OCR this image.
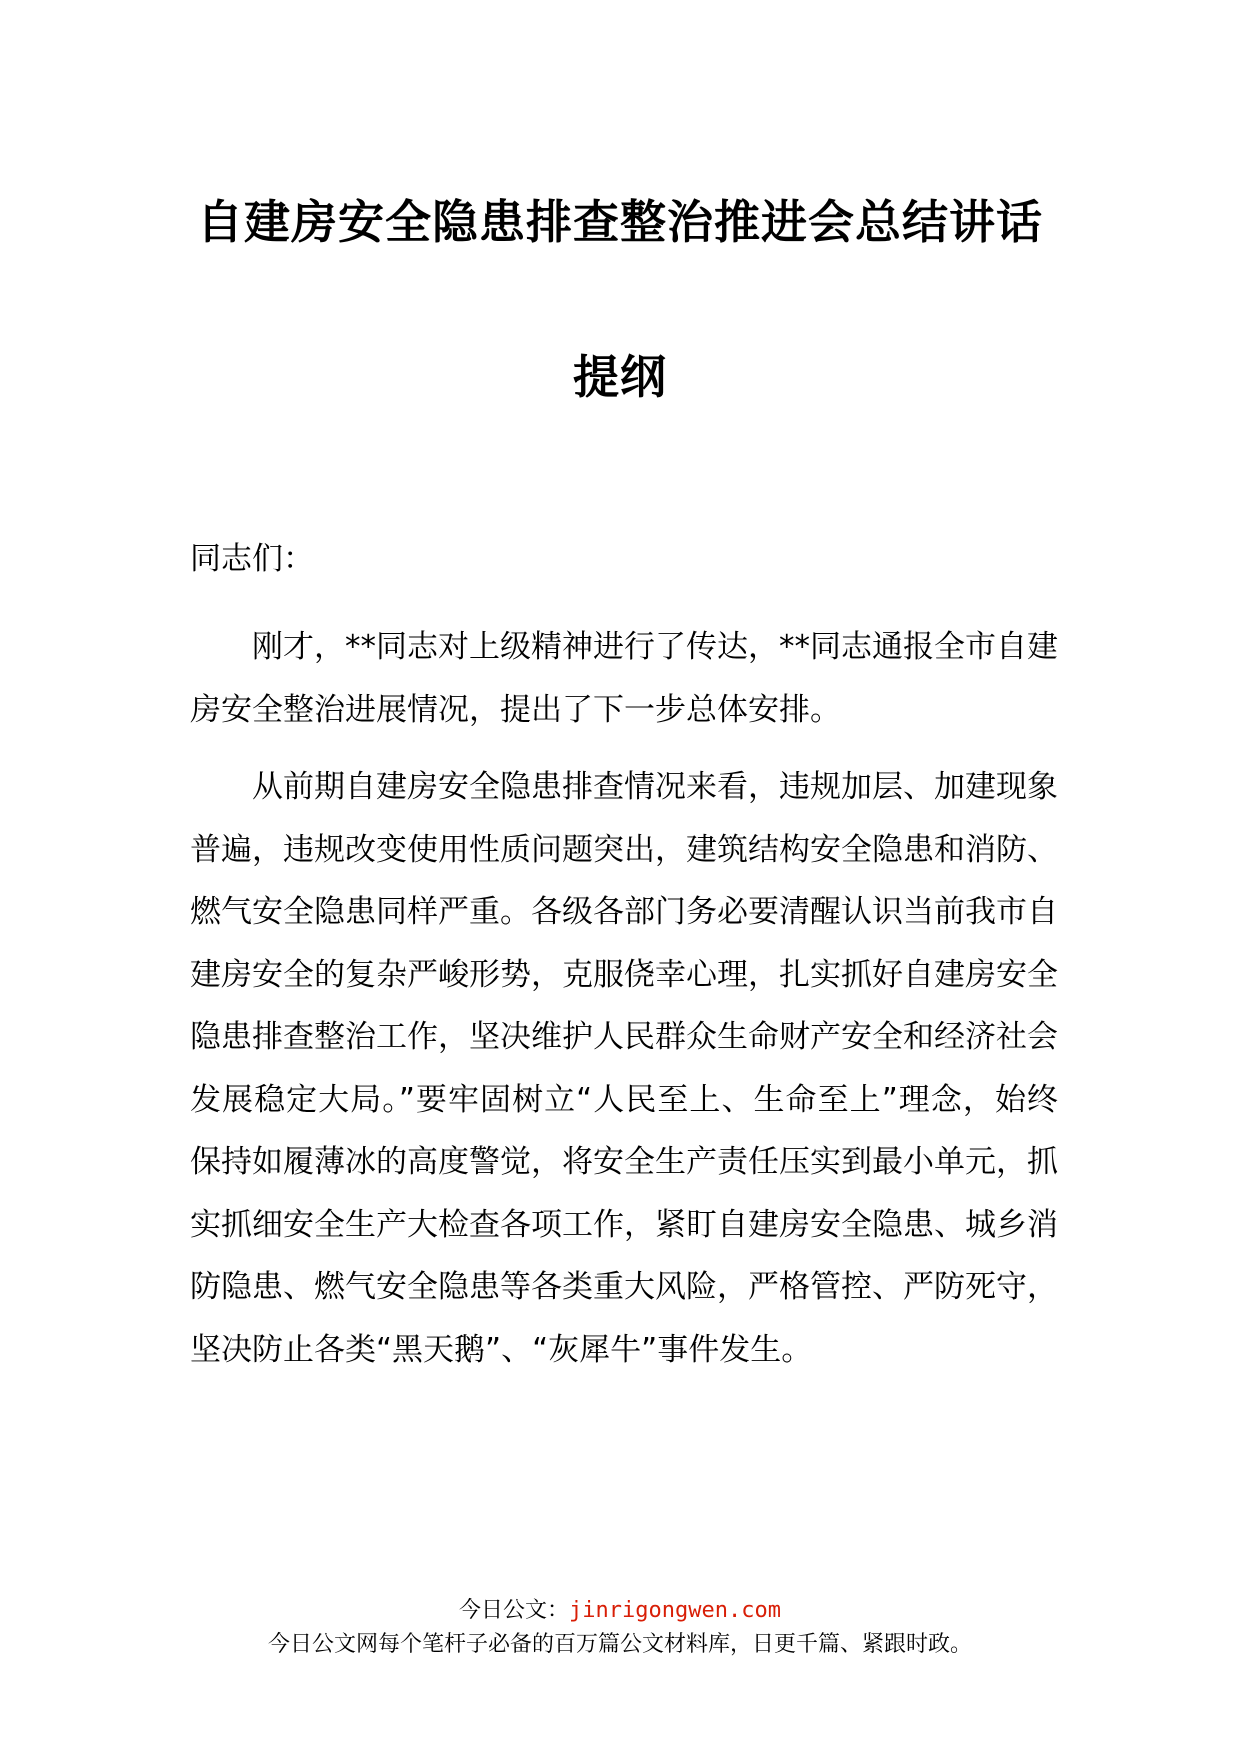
自建房安全隐患排查整治推进会总结讲话
提纲
同志们：
刚才，**同志对上级精神进行了传达，**同志通报全市自建房安全整治进展情况，提出了下一步总体安排。
从前期自建房安全隐患排查情况来看，违规加层、加建现象普遍，违规改变使用性质问题突出，建筑结构安全隐患和消防、燃气安全隐患同样严重。各级各部门务必要清醒认识当前我市自建房安全的复杂严峻形势，克服侥幸心理，扎实抓好自建房安全隐患排查整治工作，坚决维护人民群众生命财产安全和经济社会发展稳定大局。”要牢固树立“人民至上、生命至上”理念，始终保持如履薄冰的高度警觉，将安全生产责任压实到最小单元，抓实抓细安全生产大检查各项工作，紧盯自建房安全隐患、城乡消防隐患、燃气安全隐患等各类重大风险，严格管控、严防死守，坚决防止各类“黑天鹅”、“灰犀牛”事件发生。
今日公文：jinrigongwen.com
今日公文网每个笔杆子必备的百万篇公文材料库，日更千篇、紧跟时政。
